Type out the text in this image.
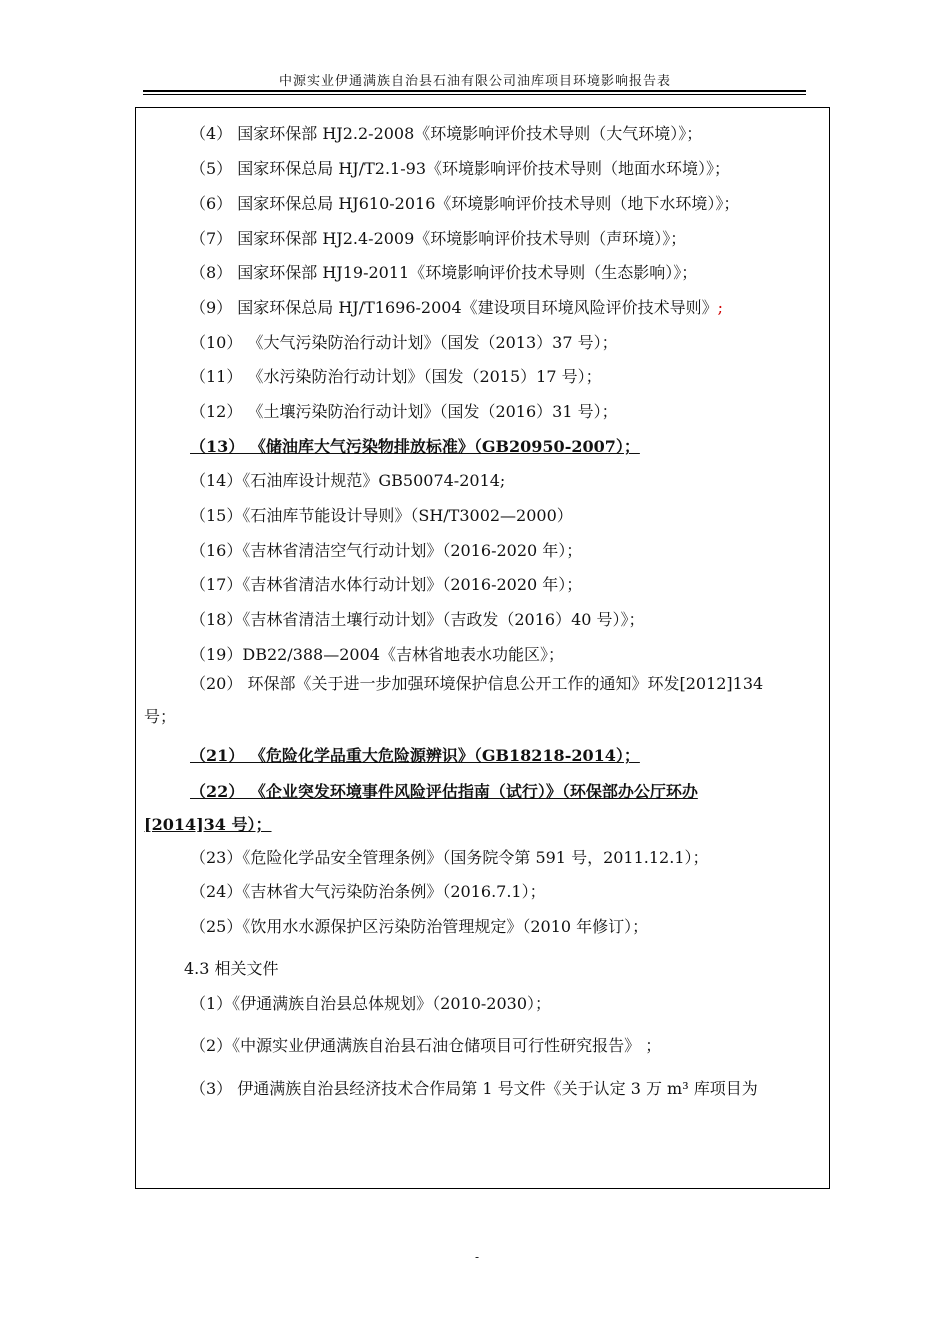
中源实业伊通满族自治县石油有限公司油库项目环境影响报告表
（4） 国家环保部 HJ2.2-2008《环境影响评价技术导则（大气环境）》；
（5） 国家环保总局 HJ/T2.1-93《环境影响评价技术导则（地面水环境）》；
（6） 国家环保总局 HJ610-2016《环境影响评价技术导则（地下水环境）》；
（7） 国家环保部 HJ2.4-2009《环境影响评价技术导则（声环境）》；
（8） 国家环保部 HJ19-2011《环境影响评价技术导则（生态影响）》；
（9） 国家环保总局 HJ/T1696-2004《建设项目环境风险评价技术导则》;
（10） 《大气污染防治行动计划》（国发（2013）37 号）；
（11） 《水污染防治行动计划》（国发（2015）17 号）；
（12） 《土壤污染防治行动计划》（国发（2016）31 号）；
（13） 《储油库大气污染物排放标准》（GB20950-2007）；
（14）《石油库设计规范》GB50074-2014;
（15）《石油库节能设计导则》（SH/T3002—2000）
（16）《吉林省清洁空气行动计划》（2016-2020 年）；
（17）《吉林省清洁水体行动计划》（2016-2020 年）；
（18）《吉林省清洁土壤行动计划》（吉政发（2016）40 号）》；
（19）DB22/388—2004《吉林省地表水功能区》；
（20） 环保部《关于进一步加强环境保护信息公开工作的通知》环发[2012]134
号；
（21） 《危险化学品重大危险源辨识》（GB18218-2014）；
（22） 《企业突发环境事件风险评估指南（试行）》（环保部办公厅环办
[2014]34 号）；
（23）《危险化学品安全管理条例》（国务院令第 591 号，2011.12.1）；
（24）《吉林省大气污染防治条例》（2016.7.1）；
（25）《饮用水水源保护区污染防治管理规定》（2010 年修订）；
4.3 相关文件
（1）《伊通满族自治县总体规划》（2010-2030）；
（2）《中源实业伊通满族自治县石油仓储项目可行性研究报告》 ；
（3） 伊通满族自治县经济技术合作局第 1 号文件《关于认定 3 万 m³ 库项目为
-
